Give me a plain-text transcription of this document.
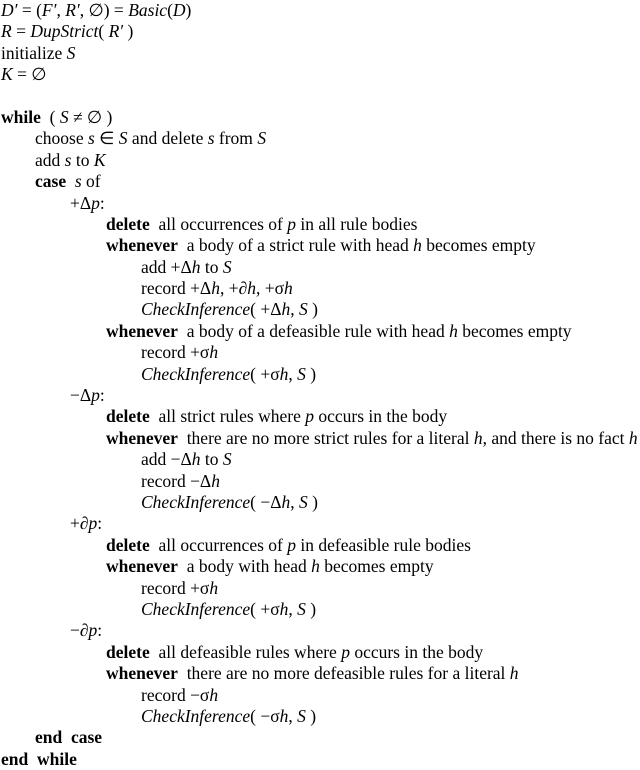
D′ = (F′, R′, ∅) = Basic(D)
R = DupStrict( R′ )
initialize S
K = ∅
while  ( S ≠ ∅ )
choose s ∈ S and delete s from S
add s to K
case s of
+Δp:
delete  all occurrences of p in all rule bodies
whenever  a body of a strict rule with head h becomes empty
add +Δh to S
record +Δh, +∂h, +σh
CheckInference( +Δh, S )
whenever  a body of a defeasible rule with head h becomes empty
record +σh
CheckInference( +σh, S )
−Δp:
delete  all strict rules where p occurs in the body
whenever  there are no more strict rules for a literal h, and there is no fact h
add −Δh to S
record −Δh
CheckInference( −Δh, S )
+∂p:
delete  all occurrences of p in defeasible rule bodies
whenever  a body with head h becomes empty
record +σh
CheckInference( +σh, S )
−∂p:
delete  all defeasible rules where p occurs in the body
whenever  there are no more defeasible rules for a literal h
record −σh
CheckInference( −σh, S )
end  case
end  while
